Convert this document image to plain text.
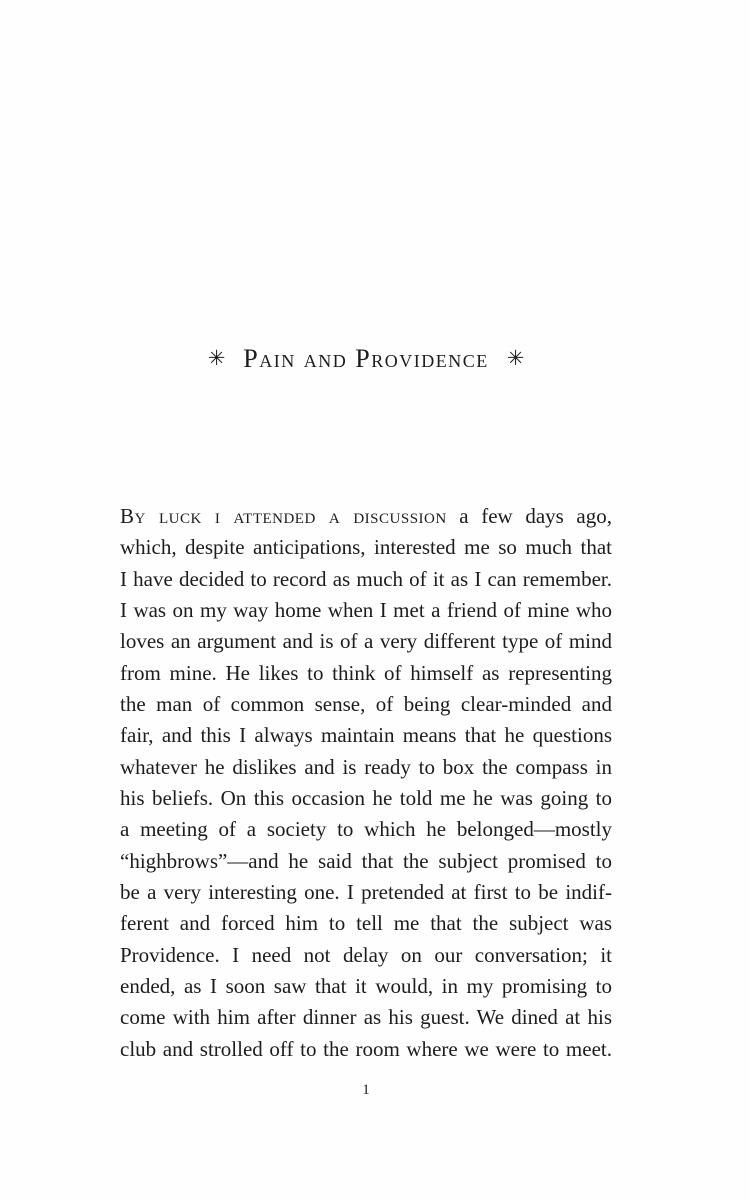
✳ Pain and Providence ✳
By luck i attended a discussion a few days ago,
which, despite anticipations, interested me so much that
I have decided to record as much of it as I can remember.
I was on my way home when I met a friend of mine who
loves an argument and is of a very different type of mind
from mine. He likes to think of himself as representing
the man of common sense, of being clear-minded and
fair, and this I always maintain means that he questions
whatever he dislikes and is ready to box the compass in
his beliefs. On this occasion he told me he was going to
a meeting of a society to which he belonged—mostly
“highbrows”—and he said that the subject promised to
be a very interesting one. I pretended at first to be indif-
ferent and forced him to tell me that the subject was
Providence. I need not delay on our conversation; it
ended, as I soon saw that it would, in my promising to
come with him after dinner as his guest. We dined at his
club and strolled off to the room where we were to meet.
1
